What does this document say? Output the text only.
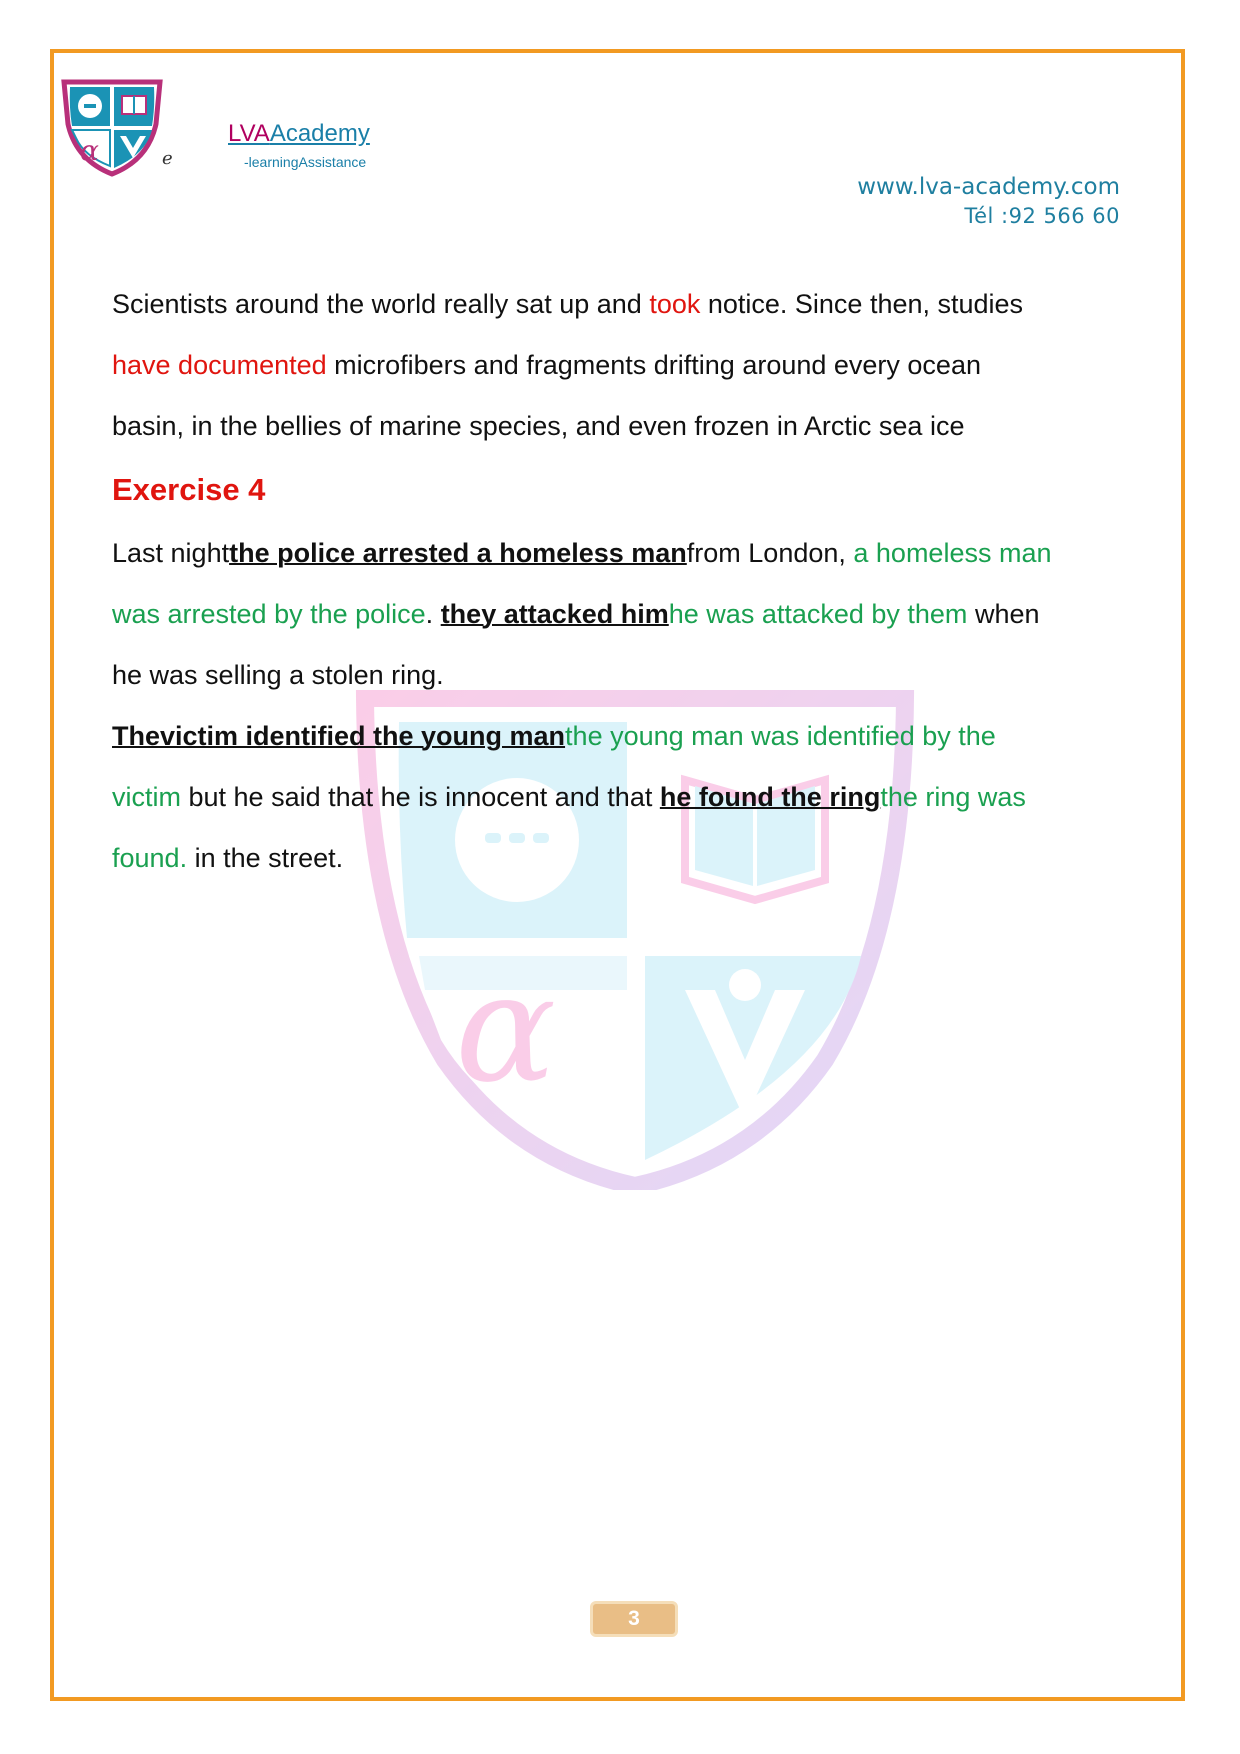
α	e
LVAAcademy
-learningAssistance
www.lva-academy.com
Tél :92 566 60
α
Scientists around the world really sat up and took notice. Since then, studies
have documented microfibers and fragments drifting around every ocean
basin, in the bellies of marine species, and even frozen in Arctic sea ice
Exercise 4
Last nightthe police arrested a homeless manfrom London, a homeless man
was arrested by the police. they attacked himhe was attacked by them when
he was selling a stolen ring.
Thevictim identified the young manthe young man was identified by the
victim but he said that he is innocent and that he found the ringthe ring was
found. in the street.
3
